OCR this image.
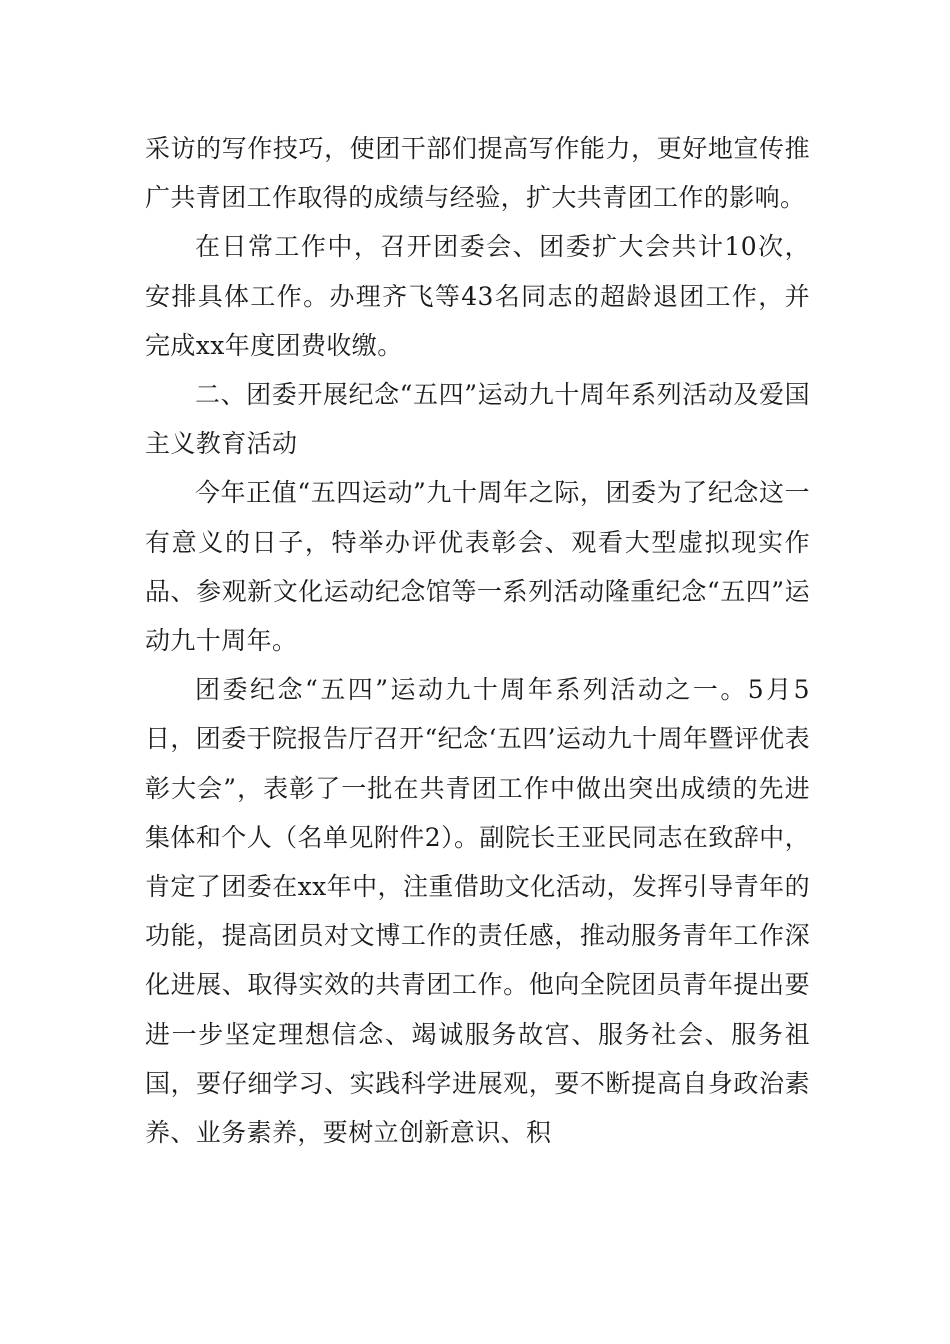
采访的写作技巧，使团干部们提高写作能力，更好地宣传推广共青团工作取得的成绩与经验，扩大共青团工作的影响。

在日常工作中，召开团委会、团委扩大会共计10次，安排具体工作。办理齐飞等43名同志的超龄退团工作，并完成xx年度团费收缴。

二、团委开展纪念“五四”运动九十周年系列活动及爱国主义教育活动

今年正值“五四运动”九十周年之际，团委为了纪念这一有意义的日子，特举办评优表彰会、观看大型虚拟现实作品、参观新文化运动纪念馆等一系列活动隆重纪念“五四”运动九十周年。

团委纪念“五四”运动九十周年系列活动之一。5月5日，团委于院报告厅召开“纪念‘五四’运动九十周年暨评优表彰大会”，表彰了一批在共青团工作中做出突出成绩的先进集体和个人（名单见附件2）。副院长王亚民同志在致辞中，肯定了团委在xx年中，注重借助文化活动，发挥引导青年的功能，提高团员对文博工作的责任感，推动服务青年工作深化进展、取得实效的共青团工作。他向全院团员青年提出要进一步坚定理想信念、竭诚服务故宫、服务社会、服务祖国，要仔细学习、实践科学进展观，要不断提高自身政治素养、业务素养，要树立创新意识、积
